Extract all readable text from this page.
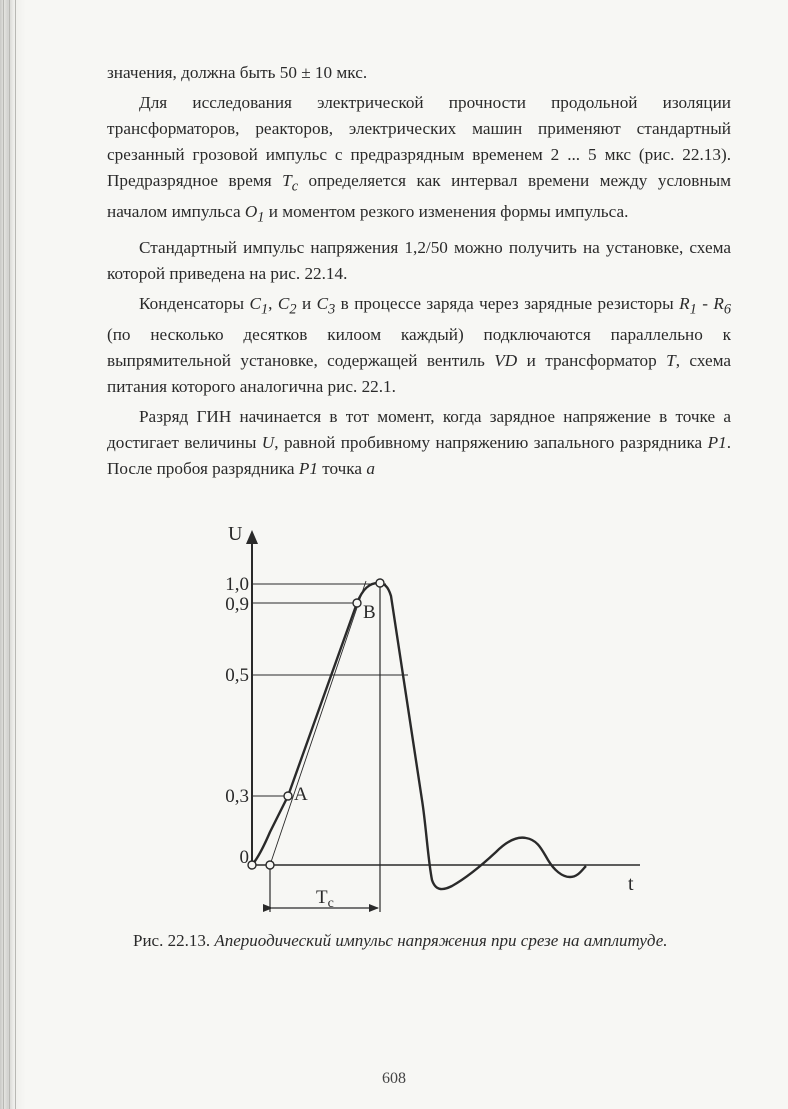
значения, должна быть 50 ± 10 мкс.

Для исследования электрической прочности продольной изоляции трансформаторов, реакторов, электрических машин применяют стандартный срезанный грозовой импульс с предразрядным временем 2 ... 5 мкс (рис. 22.13). Предразрядное время $T_c$ определяется как интервал времени между условным началом импульса $O_1$ и моментом резкого изменения формы импульса.

Стандартный импульс напряжения 1,2/50 можно получить на установке, схема которой приведена на рис. 22.14.

Конденсаторы $C_1$, $C_2$ и $C_3$ в процессе заряда через зарядные резисторы $R_1 - R_6$ (по несколько десятков килоом каждый) подключаются параллельно к выпрямительной установке, содержащей вентиль VD и трансформатор T, схема питания которого аналогична рис. 22.1.

Разряд ГИН начинается в тот момент, когда зарядное напряжение в точке а достигает величины U, равной пробивному напряжению запального разрядника P1. После пробоя разрядника P1 точка а

U
t
1,0
0,9
0,5
0,3
0
A
B
$T_c$
Рис. 22.13. Апериодический импульс напряжения при срезе на амплитуде.
608
